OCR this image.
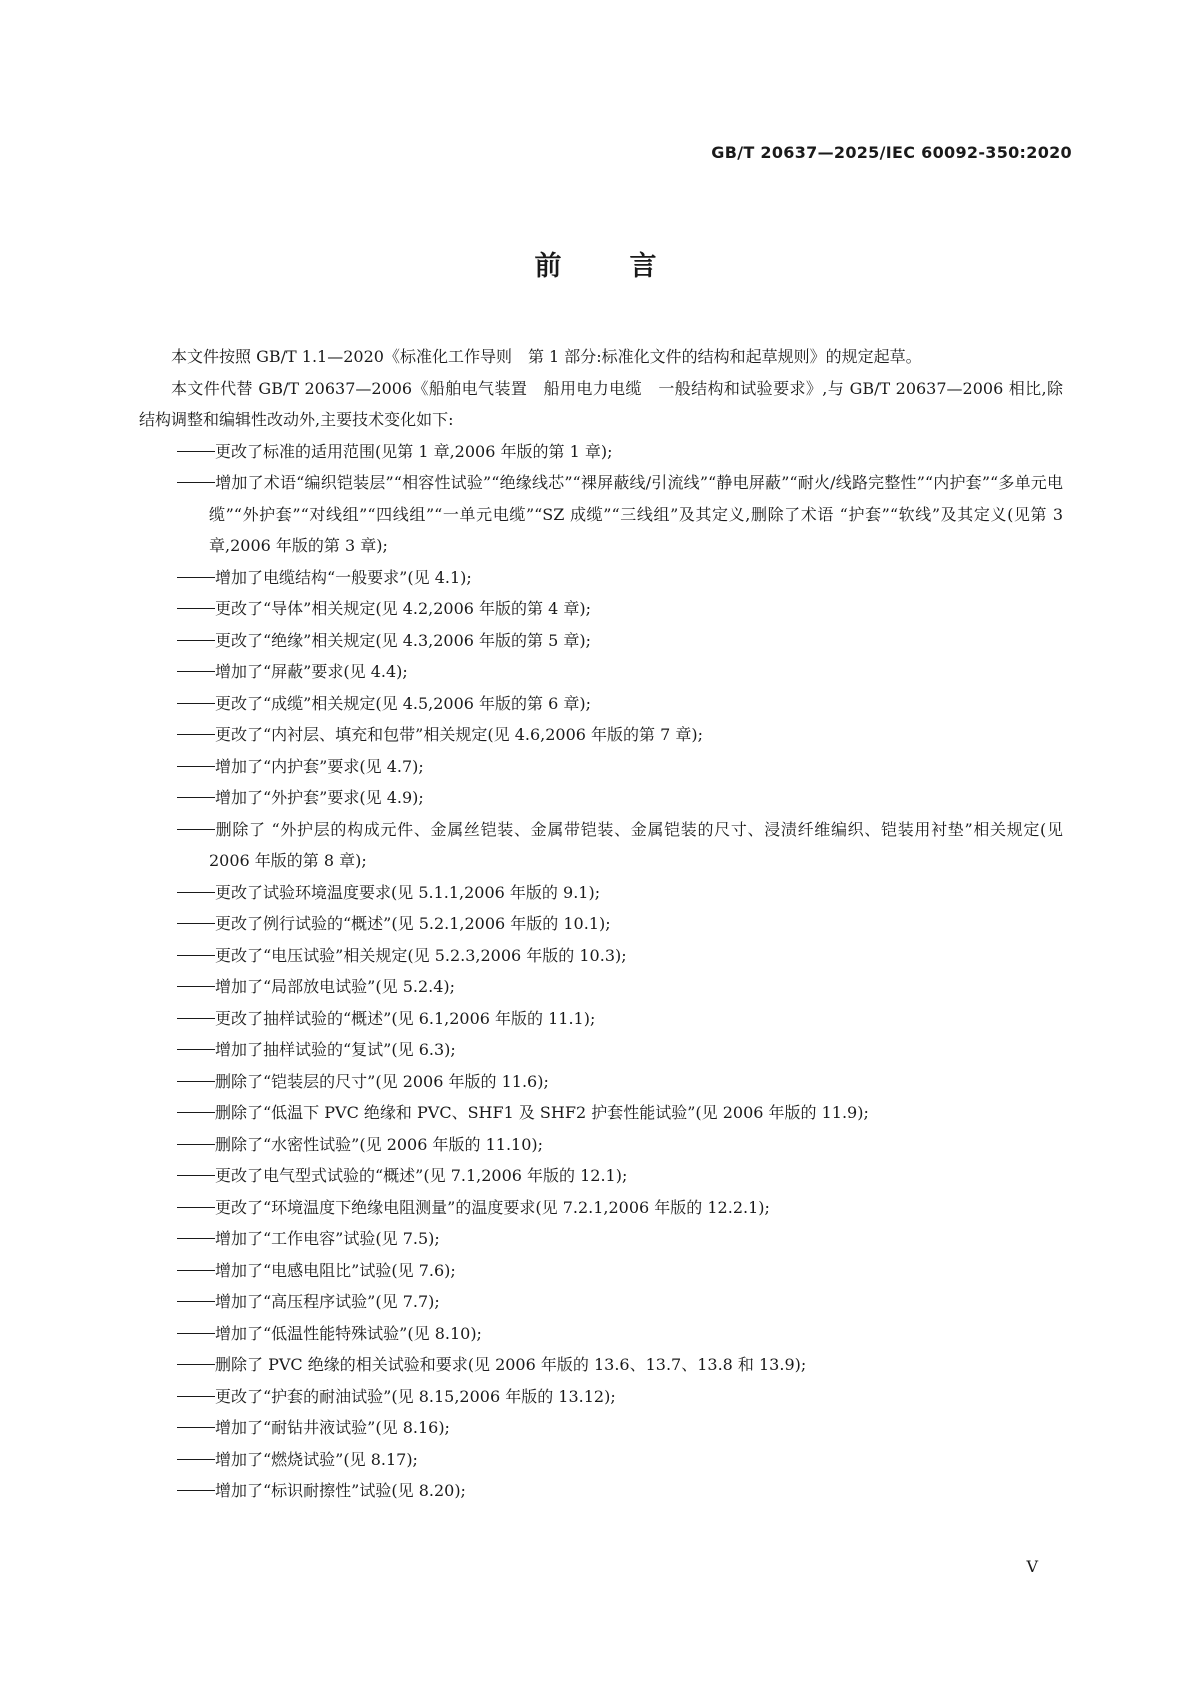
GB/T 20637—2025/IEC 60092-350:2020
前言

本文件按照 GB/T 1.1—2020《标准化工作导则　第 1 部分:标准化文件的结构和起草规则》的规定起草。

本文件代替 GB/T 20637—2006《船舶电气装置　船用电力电缆　一般结构和试验要求》,与 GB/T 20637—2006 相比,除结构调整和编辑性改动外,主要技术变化如下:

更改了标准的适用范围(见第 1 章,2006 年版的第 1 章);

增加了术语“编织铠装层”“相容性试验”“绝缘线芯”“裸屏蔽线/引流线”“静电屏蔽”“耐火/线路完整性”“内护套”“多单元电缆”“外护套”“对线组”“四线组”“一单元电缆”“SZ 成缆”“三线组”及其定义,删除了术语 “护套”“软线”及其定义(见第 3 章,2006 年版的第 3 章);

增加了电缆结构“一般要求”(见 4.1);

更改了“导体”相关规定(见 4.2,2006 年版的第 4 章);

更改了“绝缘”相关规定(见 4.3,2006 年版的第 5 章);

增加了“屏蔽”要求(见 4.4);

更改了“成缆”相关规定(见 4.5,2006 年版的第 6 章);

更改了“内衬层、填充和包带”相关规定(见 4.6,2006 年版的第 7 章);

增加了“内护套”要求(见 4.7);

增加了“外护套”要求(见 4.9);

删除了 “外护层的构成元件、金属丝铠装、金属带铠装、金属铠装的尺寸、浸渍纤维编织、铠装用衬垫”相关规定(见 2006 年版的第 8 章);

更改了试验环境温度要求(见 5.1.1,2006 年版的 9.1);

更改了例行试验的“概述”(见 5.2.1,2006 年版的 10.1);

更改了“电压试验”相关规定(见 5.2.3,2006 年版的 10.3);

增加了“局部放电试验”(见 5.2.4);

更改了抽样试验的“概述”(见 6.1,2006 年版的 11.1);

增加了抽样试验的“复试”(见 6.3);

删除了“铠装层的尺寸”(见 2006 年版的 11.6);

删除了“低温下 PVC 绝缘和 PVC、SHF1 及 SHF2 护套性能试验”(见 2006 年版的 11.9);

删除了“水密性试验”(见 2006 年版的 11.10);

更改了电气型式试验的“概述”(见 7.1,2006 年版的 12.1);

更改了“环境温度下绝缘电阻测量”的温度要求(见 7.2.1,2006 年版的 12.2.1);

增加了“工作电容”试验(见 7.5);

增加了“电感电阻比”试验(见 7.6);

增加了“高压程序试验”(见 7.7);

增加了“低温性能特殊试验”(见 8.10);

删除了 PVC 绝缘的相关试验和要求(见 2006 年版的 13.6、13.7、13.8 和 13.9);

更改了“护套的耐油试验”(见 8.15,2006 年版的 13.12);

增加了“耐钻井液试验”(见 8.16);

增加了“燃烧试验”(见 8.17);

增加了“标识耐擦性”试验(见 8.20);

V
